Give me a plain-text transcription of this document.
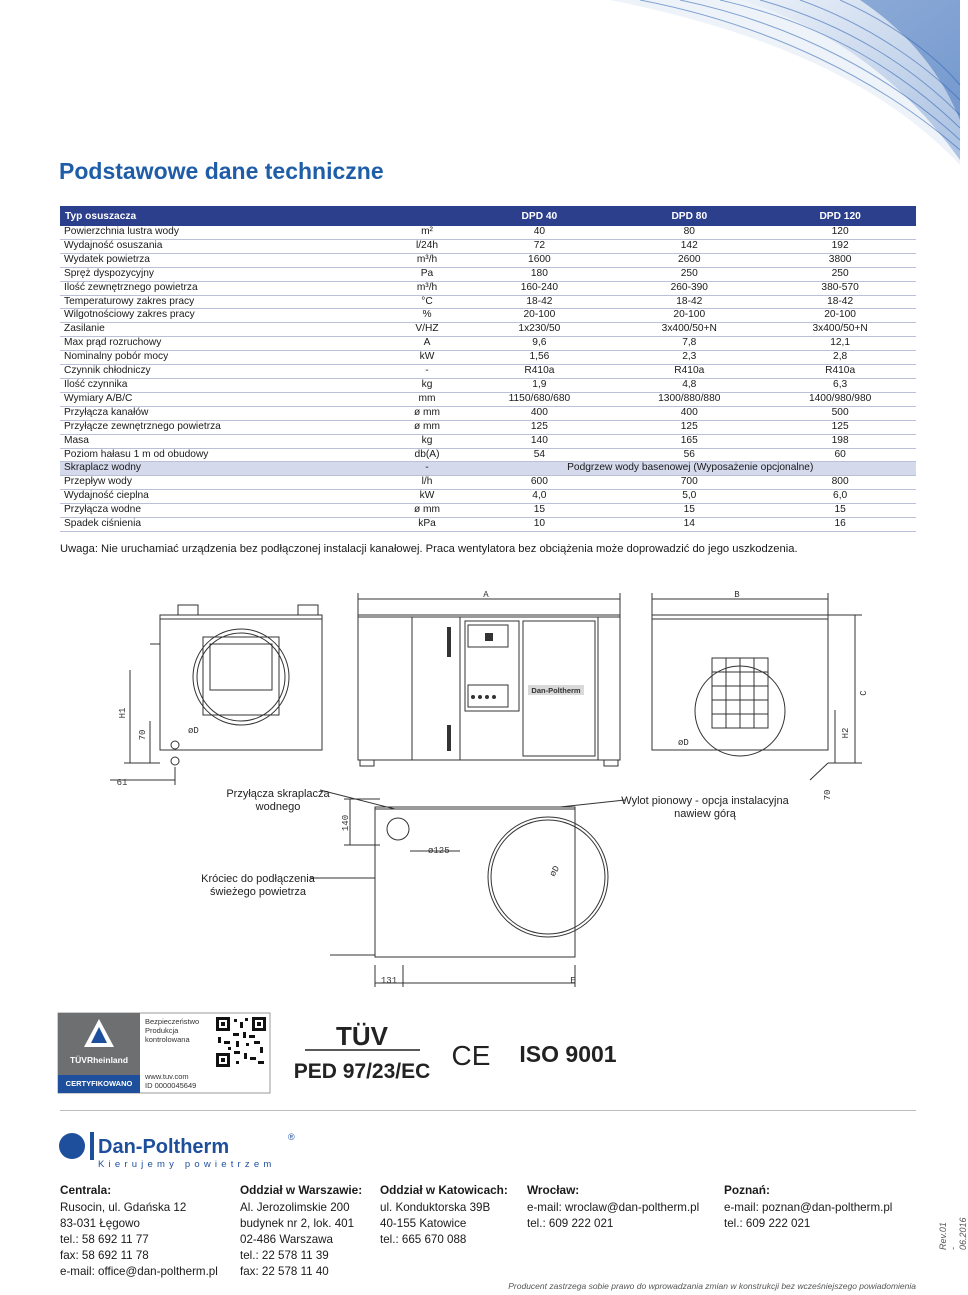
Podstawowe dane techniczne
Typ osuszacza		DPD 40	DPD 80	DPD 120
Powierzchnia lustra wody	m²	40	80	120
Wydajność osuszania	l/24h	72	142	192
Wydatek powietrza	m³/h	1600	2600	3800
Spręż dyspozycyjny	Pa	180	250	250
Ilość zewnętrznego powietrza	m³/h	160-240	260-390	380-570
Temperaturowy zakres pracy	°C	18-42	18-42	18-42
Wilgotnościowy zakres pracy	%	20-100	20-100	20-100
Zasilanie	V/HZ	1x230/50	3x400/50+N	3x400/50+N
Max prąd rozruchowy	A	9,6	7,8	12,1
Nominalny pobór mocy	kW	1,56	2,3	2,8
Czynnik chłodniczy	-	R410a	R410a	R410a
Ilość czynnika	kg	1,9	4,8	6,3
Wymiary A/B/C	mm	1150/680/680	1300/880/880	1400/980/980
Przyłącza kanałów	ø mm	400	400	500
Przyłącze zewnętrznego powietrza	ø mm	125	125	125
Masa	kg	140	165	198
Poziom hałasu 1 m od obudowy	db(A)	54	56	60
Skraplacz wodny	-	Podgrzew wody basenowej (Wyposażenie opcjonalne)		
Przepływ wody	l/h	600	700	800
Wydajność cieplna	kW	4,0	5,0	6,0
Przyłącza wodne	ø mm	15	15	15
Spadek ciśnienia	kPa	10	14	16
Uwaga: Nie uruchamiać urządzenia bez podłączonej instalacji kanałowej. Praca wentylatora bez obciążenia może doprowadzić do jego uszkodzenia.
Dan-Poltherm
A	B
C
H1
70	H2
70
61
140
131	E
øD
øD
øD
ø125
Przyłącza skraplacza
wodnego	Wylot pionowy - opcja instalacyjna
nawiew górą
Króciec do podłączenia
świeżego powietrza
TÜVRheinland
CERTYFIKOWANO
Bezpieczeństwo
Produkcja
kontrolowana
www.tuv.com
ID 0000045649
TÜV
PED 97/23/EC
CE ISO 9001
Dan-Poltherm	®
Kierujemy powietrzem
Centrala:
Rusocin, ul. Gdańska 12
83-031 Łęgowo
tel.: 58 692 11 77
fax: 58 692 11 78
e-mail: office@dan-poltherm.pl
Oddział w Warszawie:
Al. Jerozolimskie 200
budynek nr 2, lok. 401
02-486 Warszawa
tel.: 22 578 11 39
fax: 22 578 11 40
Oddział w Katowicach:
ul. Konduktorska 39B
40-155 Katowice
tel.: 665 670 088
Wrocław:
e-mail: wroclaw@dan-poltherm.pl
tel.: 609 222 021
Poznań:
e-mail: poznan@dan-poltherm.pl
tel.: 609 222 021
Producent zastrzega sobie prawo do wprowadzania zmian w konstrukcji bez wcześniejszego powiadomienia
Rev.01 - 06.2016
